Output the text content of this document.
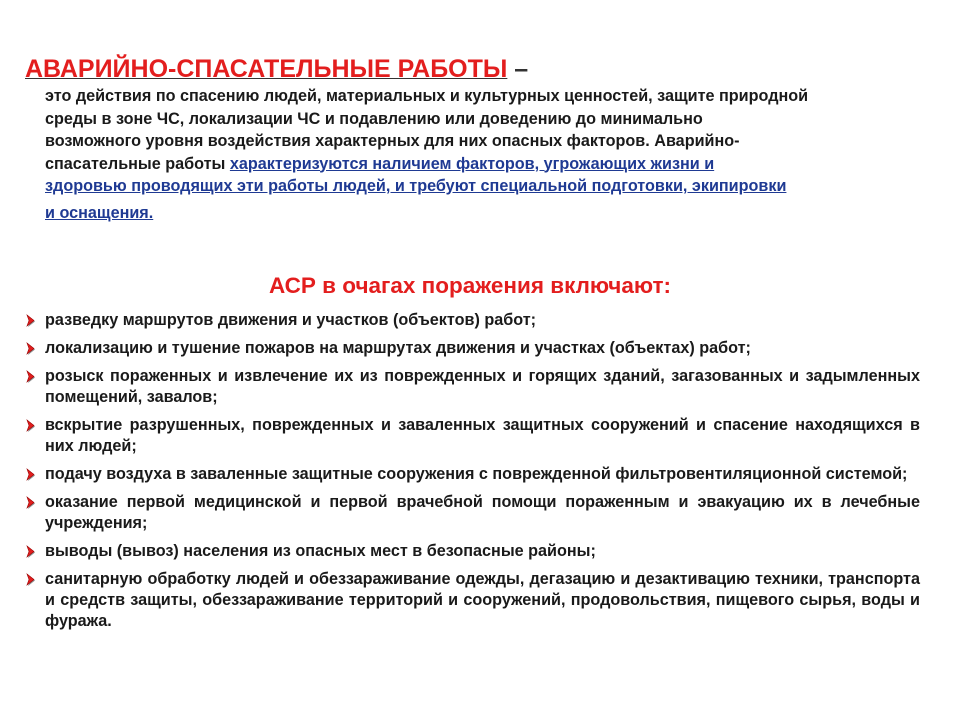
АВАРИЙНО-СПАСАТЕЛЬНЫЕ РАБОТЫ –
это действия по спасению людей, материальных и культурных ценностей, защите природной
среды в зоне ЧС, локализации ЧС и подавлению или доведению до минимально
возможного уровня воздействия характерных для них опасных факторов. Аварийно-
спасательные работы характеризуются наличием факторов, угрожающих жизни и
здоровью проводящих эти работы людей, и требуют специальной подготовки, экипировки
и оснащения.
АСР в очагах поражения включают:
разведку маршрутов движения и участков (объектов) работ;
локализацию и тушение пожаров на маршрутах движения и участках (объектах) работ;
розыск пораженных и извлечение их из поврежденных и горящих зданий, загазованных и задымленных помещений, завалов;
вскрытие разрушенных, поврежденных и заваленных защитных сооружений и спасение находящихся в них людей;
подачу воздуха в заваленные защитные сооружения с поврежденной фильтровентиляционной системой;
оказание первой медицинской и первой врачебной помощи пораженным и эвакуацию их в лечебные учреждения;
выводы (вывоз) населения из опасных мест в безопасные районы;
санитарную обработку людей и обеззараживание одежды, дегазацию и дезактивацию техники, транспорта и средств защиты, обеззараживание территорий и сооружений, продовольствия, пищевого сырья, воды и фуража.
